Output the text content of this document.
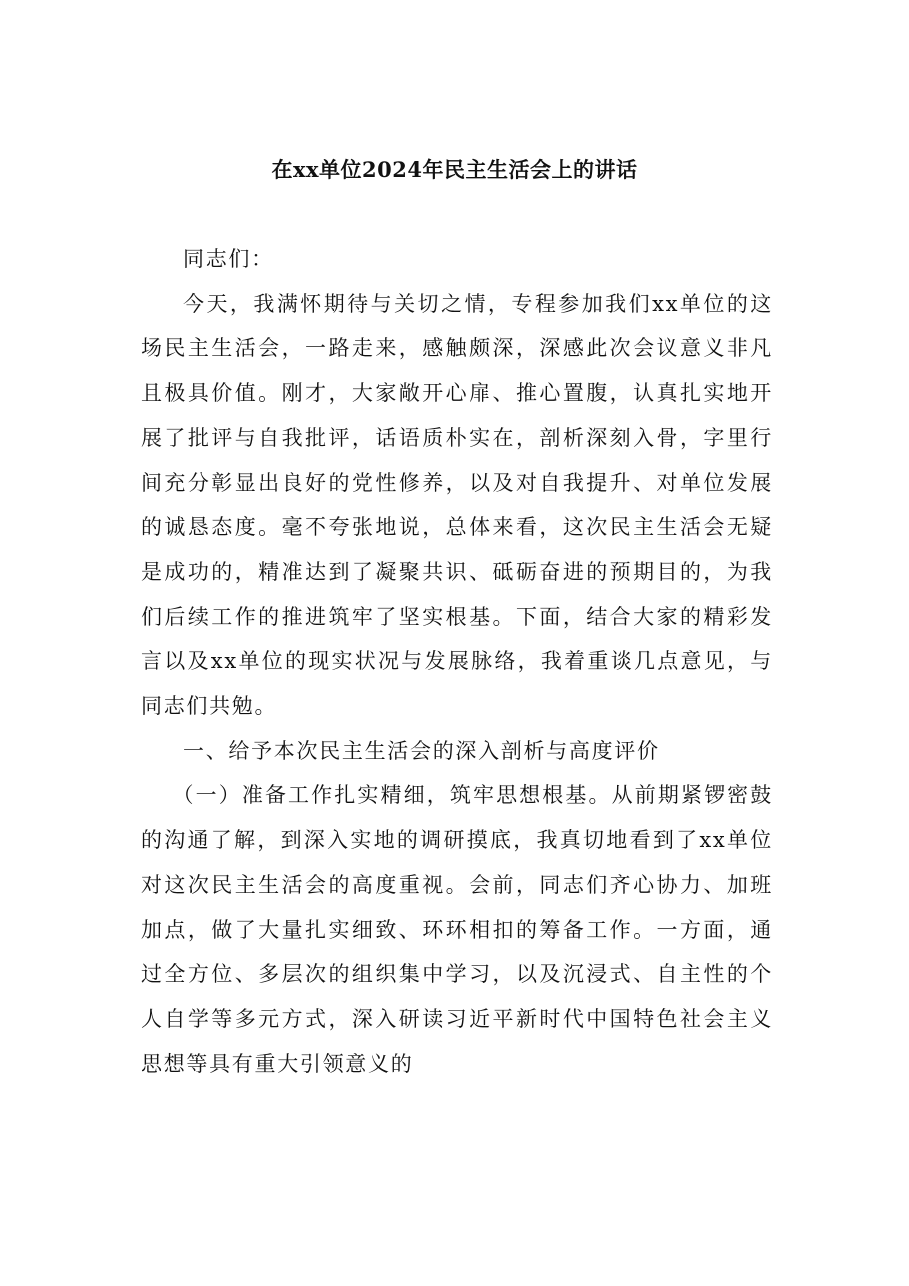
在xx单位2024年民主生活会上的讲话

同志们：

今天，我满怀期待与关切之情，专程参加我们xx单位的这场民主生活会，一路走来，感触颇深，深感此次会议意义非凡且极具价值。刚才，大家敞开心扉、推心置腹，认真扎实地开展了批评与自我批评，话语质朴实在，剖析深刻入骨，字里行间充分彰显出良好的党性修养，以及对自我提升、对单位发展的诚恳态度。毫不夸张地说，总体来看，这次民主生活会无疑是成功的，精准达到了凝聚共识、砥砺奋进的预期目的，为我们后续工作的推进筑牢了坚实根基。下面，结合大家的精彩发言以及xx单位的现实状况与发展脉络，我着重谈几点意见，与同志们共勉。

一、给予本次民主生活会的深入剖析与高度评价

（一）准备工作扎实精细，筑牢思想根基。从前期紧锣密鼓的沟通了解，到深入实地的调研摸底，我真切地看到了xx单位对这次民主生活会的高度重视。会前，同志们齐心协力、加班加点，做了大量扎实细致、环环相扣的筹备工作。一方面，通过全方位、多层次的组织集中学习，以及沉浸式、自主性的个人自学等多元方式，深入研读习近平新时代中国特色社会主义思想等具有重大引领意义的
